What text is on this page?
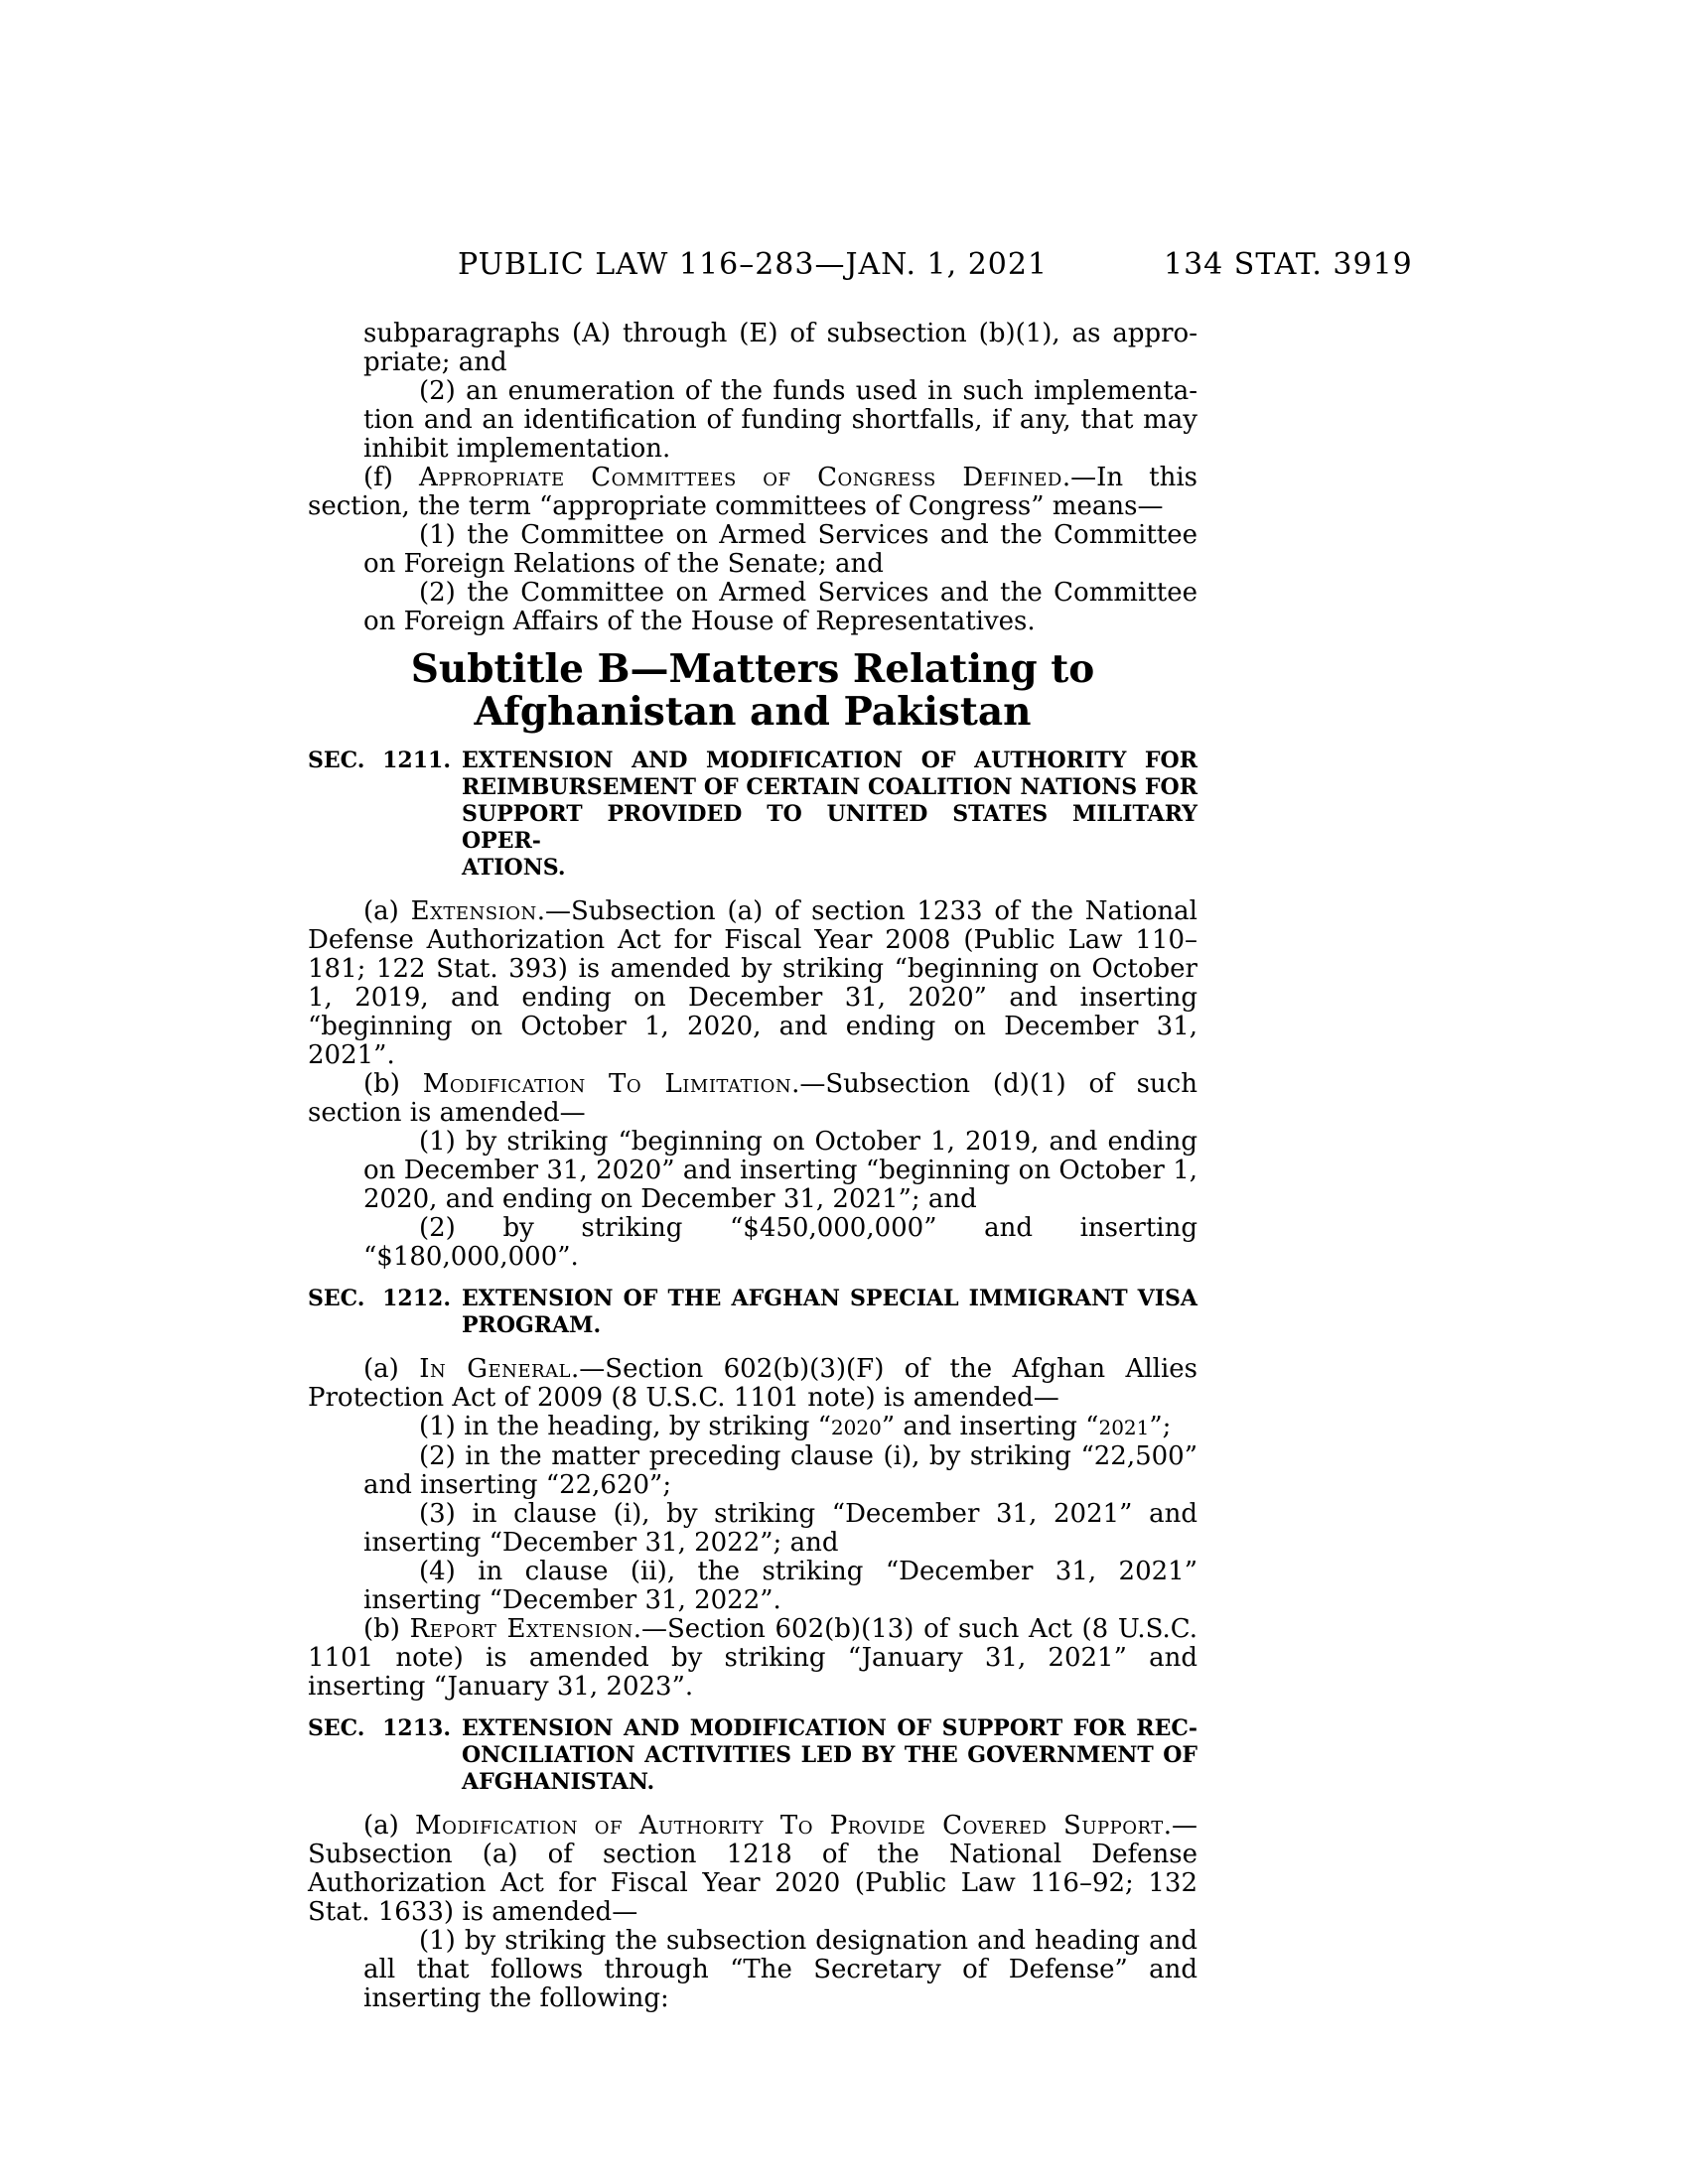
PUBLIC LAW 116–283—JAN. 1, 2021	134 STAT. 3919
subparagraphs (A) through (E) of subsection (b)(1), as appropriate; and
(2) an enumeration of the funds used in such implementation and an identification of funding shortfalls, if any, that may inhibit implementation.
(f) Appropriate Committees of Congress Defined.—In this section, the term “appropriate committees of Congress” means—
(1) the Committee on Armed Services and the Committee on Foreign Relations of the Senate; and
(2) the Committee on Armed Services and the Committee on Foreign Affairs of the House of Representatives.
Subtitle B—Matters Relating to
Afghanistan and Pakistan
SEC. 1211. EXTENSION AND MODIFICATION OF AUTHORITY FOR
REIMBURSEMENT OF CERTAIN COALITION NATIONS FOR
SUPPORT PROVIDED TO UNITED STATES MILITARY OPER-
ATIONS.
(a) Extension.—Subsection (a) of section 1233 of the National Defense Authorization Act for Fiscal Year 2008 (Public Law 110–181; 122 Stat. 393) is amended by striking “beginning on October 1, 2019, and ending on December 31, 2020” and inserting “beginning on October 1, 2020, and ending on December 31, 2021”.
(b) Modification To Limitation.—Subsection (d)(1) of such section is amended—
(1) by striking “beginning on October 1, 2019, and ending on December 31, 2020” and inserting “beginning on October 1, 2020, and ending on December 31, 2021”; and
(2) by striking “$450,000,000” and inserting “$180,000,000”.
SEC. 1212. EXTENSION OF THE AFGHAN SPECIAL IMMIGRANT VISA
PROGRAM.
(a) In General.—Section 602(b)(3)(F) of the Afghan Allies Protection Act of 2009 (8 U.S.C. 1101 note) is amended—
(1) in the heading, by striking “2020” and inserting “2021”;
(2) in the matter preceding clause (i), by striking “22,500” and inserting “22,620”;
(3) in clause (i), by striking “December 31, 2021” and inserting “December 31, 2022”; and
(4) in clause (ii), the striking “December 31, 2021” inserting “December 31, 2022”.
(b) Report Extension.—Section 602(b)(13) of such Act (8 U.S.C. 1101 note) is amended by striking “January 31, 2021” and inserting “January 31, 2023”.
SEC. 1213. EXTENSION AND MODIFICATION OF SUPPORT FOR REC-
ONCILIATION ACTIVITIES LED BY THE GOVERNMENT OF
AFGHANISTAN.
(a) Modification of Authority To Provide Covered Support.—Subsection (a) of section 1218 of the National Defense Authorization Act for Fiscal Year 2020 (Public Law 116–92; 132 Stat. 1633) is amended—
(1) by striking the subsection designation and heading and all that follows through “The Secretary of Defense” and inserting the following:
